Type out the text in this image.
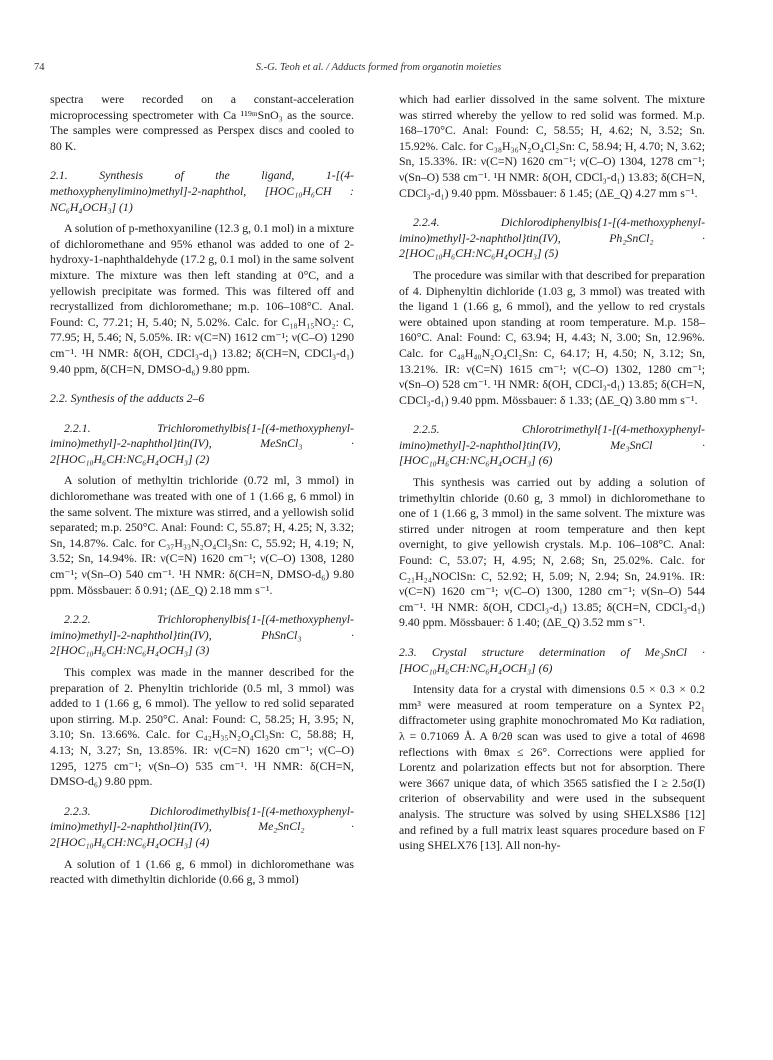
74	S.-G. Teoh et al. / Adducts formed from organotin moieties

spectra were recorded on a constant-acceleration microprocessing spectrometer with Ca ¹¹⁹ᵐSnO₃ as the source. The samples were compressed as Perspex discs and cooled to 80 K.

2.1. Synthesis of the ligand, 1-[(4-methoxyphenylimino)methyl]-2-naphthol, [HOC₁₀H₆CH : NC₆H₄OCH₃] (1)

A solution of p-methoxyaniline (12.3 g, 0.1 mol) in a mixture of dichloromethane and 95% ethanol was added to one of 2-hydroxy-1-naphthaldehyde (17.2 g, 0.1 mol) in the same solvent mixture. The mixture was then left standing at 0°C, and a yellowish precipitate was formed. This was filtered off and recrystallized from dichloromethane; m.p. 106–108°C. Anal. Found: C, 77.21; H, 5.40; N, 5.02%. Calc. for C₁₈H₁₅NO₂: C, 77.95; H, 5.46; N, 5.05%. IR: ν(C=N) 1612 cm⁻¹; ν(C–O) 1290 cm⁻¹. ¹H NMR: δ(OH, CDCl₃-d₁) 13.82; δ(CH=N, CDCl₃-d₁) 9.40 ppm, δ(CH=N, DMSO-d₆) 9.80 ppm.

2.2. Synthesis of the adducts 2–6
2.2.1. Trichloromethylbis{1-[(4-methoxyphenyl-imino)methyl]-2-naphthol}tin(IV), MeSnCl₃ · 2[HOC₁₀H₆CH:NC₆H₄OCH₃] (2)

A solution of methyltin trichloride (0.72 ml, 3 mmol) in dichloromethane was treated with one of 1 (1.66 g, 6 mmol) in the same solvent. The mixture was stirred, and a yellowish solid separated; m.p. 250°C. Anal: Found: C, 55.87; H, 4.25; N, 3.32; Sn, 14.87%. Calc. for C₃₇H₃₃N₂O₄Cl₃Sn: C, 55.92; H, 4.19; N, 3.52; Sn, 14.94%. IR: ν(C=N) 1620 cm⁻¹; ν(C–O) 1308, 1280 cm⁻¹; ν(Sn–O) 540 cm⁻¹. ¹H NMR: δ(CH=N, DMSO-d₆) 9.80 ppm. Mössbauer: δ 0.91; (ΔE_Q) 2.18 mm s⁻¹.

2.2.2. Trichlorophenylbis{1-[(4-methoxyphenyl-imino)methyl]-2-naphthol}tin(IV), PhSnCl₃ · 2[HOC₁₀H₆CH:NC₆H₄OCH₃] (3)

This complex was made in the manner described for the preparation of 2. Phenyltin trichloride (0.5 ml, 3 mmol) was added to 1 (1.66 g, 6 mmol). The yellow to red solid separated upon stirring. M.p. 250°C. Anal: Found: C, 58.25; H, 3.95; N, 3.10; Sn. 13.66%. Calc. for C₄₂H₃₅N₂O₄Cl₃Sn: C, 58.88; H, 4.13; N, 3.27; Sn, 13.85%. IR: ν(C=N) 1620 cm⁻¹; ν(C–O) 1295, 1275 cm⁻¹; ν(Sn–O) 535 cm⁻¹. ¹H NMR: δ(CH=N, DMSO-d₆) 9.80 ppm.

2.2.3. Dichlorodimethylbis{1-[(4-methoxyphenyl-imino)methyl]-2-naphthol}tin(IV), Me₂SnCl₂ · 2[HOC₁₀H₆CH:NC₆H₄OCH₃] (4)

A solution of 1 (1.66 g, 6 mmol) in dichloromethane was reacted with dimethyltin dichloride (0.66 g, 3 mmol)

which had earlier dissolved in the same solvent. The mixture was stirred whereby the yellow to red solid was formed. M.p. 168–170°C. Anal: Found: C, 58.55; H, 4.62; N, 3.52; Sn. 15.92%. Calc. for C₃₈H₃₆N₂O₄Cl₂Sn: C, 58.94; H, 4.70; N, 3.62; Sn, 15.33%. IR: ν(C=N) 1620 cm⁻¹; ν(C–O) 1304, 1278 cm⁻¹; ν(Sn–O) 538 cm⁻¹. ¹H NMR: δ(OH, CDCl₃-d₁) 13.83; δ(CH=N, CDCl₃-d₁) 9.40 ppm. Mössbauer: δ 1.45; (ΔE_Q) 4.27 mm s⁻¹.

2.2.4. Dichlorodiphenylbis{1-[(4-methoxyphenyl-imino)methyl]-2-naphthol}tin(IV), Ph₂SnCl₂ · 2[HOC₁₀H₆CH:NC₆H₄OCH₃] (5)

The procedure was similar with that described for preparation of 4. Diphenyltin dichloride (1.03 g, 3 mmol) was treated with the ligand 1 (1.66 g, 6 mmol), and the yellow to red crystals were obtained upon standing at room temperature. M.p. 158–160°C. Anal: Found: C, 63.94; H, 4.43; N, 3.00; Sn, 12.96%. Calc. for C₄₈H₄₀N₂O₄Cl₂Sn: C, 64.17; H, 4.50; N, 3.12; Sn, 13.21%. IR: ν(C=N) 1615 cm⁻¹; ν(C–O) 1302, 1280 cm⁻¹; ν(Sn–O) 528 cm⁻¹. ¹H NMR: δ(OH, CDCl₃-d₁) 13.85; δ(CH=N, CDCl₃-d₁) 9.40 ppm. Mössbauer: δ 1.33; (ΔE_Q) 3.80 mm s⁻¹.

2.2.5. Chlorotrimethyl{1-[(4-methoxyphenyl-imino)methyl]-2-naphthol}tin(IV), Me₃SnCl · [HOC₁₀H₆CH:NC₆H₄OCH₃] (6)

This synthesis was carried out by adding a solution of trimethyltin chloride (0.60 g, 3 mmol) in dichloromethane to one of 1 (1.66 g, 3 mmol) in the same solvent. The mixture was stirred under nitrogen at room temperature and then kept overnight, to give yellowish crystals. M.p. 106–108°C. Anal: Found: C, 53.07; H, 4.95; N, 2.68; Sn, 25.02%. Calc. for C₂₁H₂₄NOClSn: C, 52.92; H, 5.09; N, 2.94; Sn, 24.91%. IR: ν(C=N) 1620 cm⁻¹; ν(C–O) 1300, 1280 cm⁻¹; ν(Sn–O) 544 cm⁻¹. ¹H NMR: δ(OH, CDCl₃-d₁) 13.85; δ(CH=N, CDCl₃-d₁) 9.40 ppm. Mössbauer: δ 1.40; (ΔE_Q) 3.52 mm s⁻¹.

2.3. Crystal structure determination of Me₃SnCl · [HOC₁₀H₆CH:NC₆H₄OCH₃] (6)

Intensity data for a crystal with dimensions 0.5 × 0.3 × 0.2 mm³ were measured at room temperature on a Syntex P2₁ diffractometer using graphite monochromated Mo Kα radiation, λ = 0.71069 Å. A θ/2θ scan was used to give a total of 4698 reflections with θmax ≤ 26°. Corrections were applied for Lorentz and polarization effects but not for absorption. There were 3667 unique data, of which 3565 satisfied the I ≥ 2.5σ(I) criterion of observability and were used in the subsequent analysis. The structure was solved by using SHELXS86 [12] and refined by a full matrix least squares procedure based on F using SHELX76 [13]. All non-hy-
